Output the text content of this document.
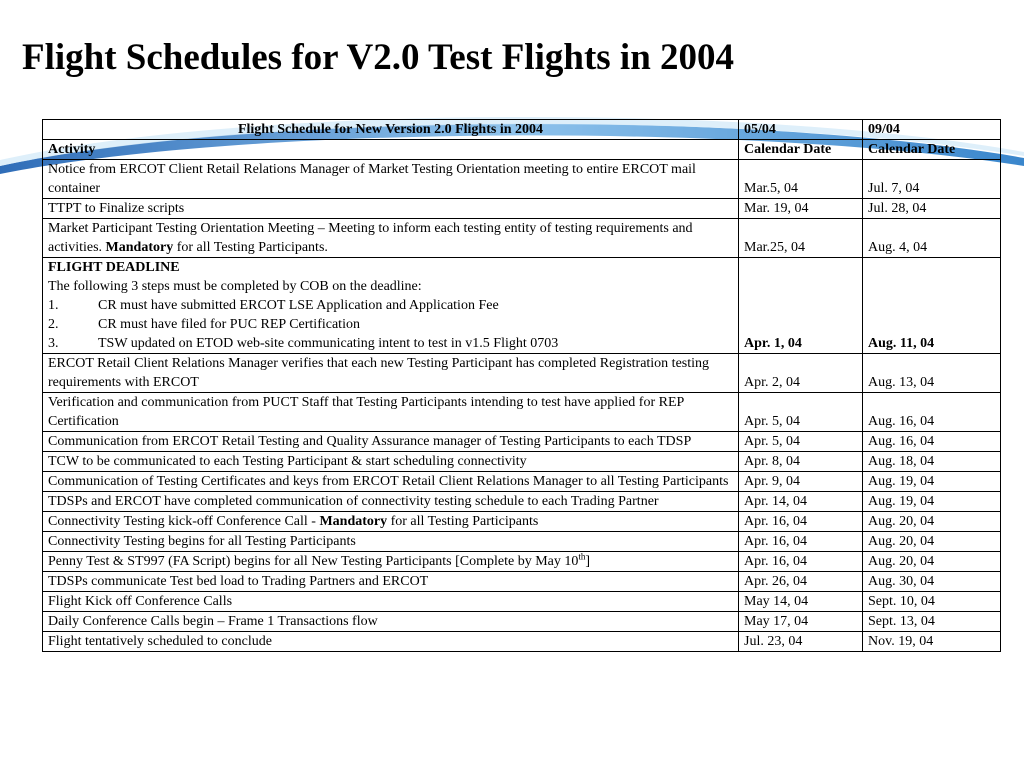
Flight Schedules for V2.0 Test Flights in 2004
Flight Schedule for New Version 2.0 Flights in 2004	05/04	09/04
Activity	Calendar Date	Calendar Date
Notice from ERCOT Client Retail Relations Manager of Market Testing Orientation meeting to entire ERCOT mail container	Mar.5, 04	Jul. 7, 04
TTPT to Finalize scripts	Mar. 19, 04	Jul. 28, 04
Market Participant Testing Orientation Meeting – Meeting to inform each testing entity of testing requirements and activities. Mandatory for all Testing Participants.	Mar.25, 04	Aug. 4, 04

FLIGHT DEADLINE
The following 3 steps must be completed by COB on the deadline:
1. CR must have submitted ERCOT LSE Application and Application Fee
2. CR must have filed for PUC REP Certification
3. TSW updated on ETOD web-site communicating intent to test in v1.5 Flight 0703	Apr. 1, 04	Aug. 11, 04
ERCOT Retail Client Relations Manager verifies that each new Testing Participant has completed Registration testing requirements with ERCOT	Apr. 2, 04	Aug. 13, 04
Verification and communication from PUCT Staff that Testing Participants intending to test have applied for REP Certification	Apr. 5, 04	Aug. 16, 04
Communication from ERCOT Retail Testing and Quality Assurance manager of Testing Participants to each TDSP	Apr. 5, 04	Aug. 16, 04
TCW to be communicated to each Testing Participant & start scheduling connectivity	Apr. 8, 04	Aug. 18, 04
Communication of Testing Certificates and keys from ERCOT Retail Client Relations Manager to all Testing Participants	Apr. 9, 04	Aug. 19, 04
TDSPs and ERCOT have completed communication of connectivity testing schedule to each Trading Partner	Apr. 14, 04	Aug. 19, 04
Connectivity Testing kick-off Conference Call - Mandatory for all Testing Participants	Apr. 16, 04	Aug. 20, 04
Connectivity Testing begins for all Testing Participants	Apr. 16, 04	Aug. 20, 04
Penny Test & ST997 (FA Script) begins for all New Testing Participants [Complete by May 10th]	Apr. 16, 04	Aug. 20, 04
TDSPs communicate Test bed load to Trading Partners and ERCOT	Apr. 26, 04	Aug. 30, 04
Flight Kick off Conference Calls	May 14, 04	Sept. 10, 04
Daily Conference Calls begin – Frame 1 Transactions flow	May 17, 04	Sept. 13, 04
Flight tentatively scheduled to conclude	Jul. 23, 04	Nov. 19, 04
